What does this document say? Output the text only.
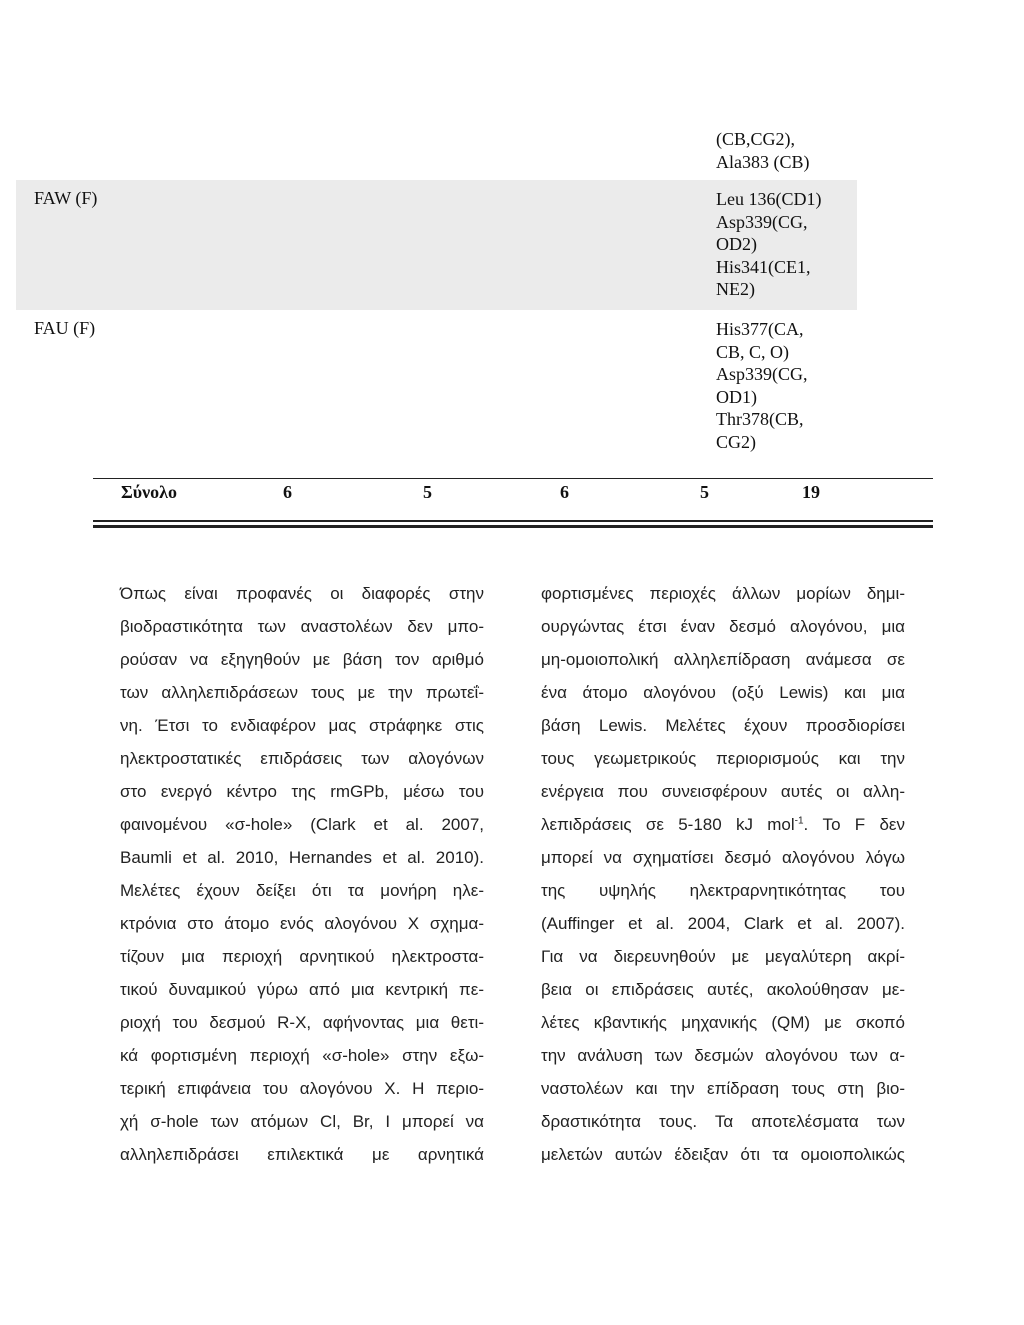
(CB,CG2),
Ala383 (CB)
FAW (F)	Leu 136(CD1)
Asp339(CG,
OD2)
His341(CE1,
NE2)
FAU (F)	His377(CA,
CB, C, O)
Asp339(CG,
OD1)
Thr378(CB,
CG2)
Σύνολο	6	5	6	5	19
Όπως είναι προφανές οι διαφορές στην
βιοδραστικότητα των αναστολέων δεν μπο-
ρούσαν να εξηγηθούν με βάση τον αριθμό
των αλληλεπιδράσεων τους με την πρωτεΐ-
νη. Έτσι το ενδιαφέρον μας στράφηκε στις
ηλεκτροστατικές επιδράσεις των αλογόνων
στο ενεργό κέντρο της rmGPb, μέσω του
φαινομένου «σ-hole» (Clark et al. 2007,
Baumli et al. 2010, Hernandes et al. 2010).
Μελέτες έχουν δείξει ότι τα μονήρη ηλε-
κτρόνια στο άτομο ενός αλογόνου Χ σχημα-
τίζουν μια περιοχή αρνητικού ηλεκτροστα-
τικού δυναμικού γύρω από μια κεντρική πε-
ριοχή του δεσμού R-X, αφήνοντας μια θετι-
κά φορτισμένη περιοχή «σ-hole» στην εξω-
τερική επιφάνεια του αλογόνου Χ. Η περιο-
χή σ-hole των ατόμων Cl, Br, I μπορεί να
αλληλεπιδράσει επιλεκτικά με αρνητικά
φορτισμένες περιοχές άλλων μορίων δημι-
ουργώντας έτσι έναν δεσμό αλογόνου, μια
μη-ομοιοπολική αλληλεπίδραση ανάμεσα σε
ένα άτομο αλογόνου (οξύ Lewis) και μια
βάση Lewis. Μελέτες έχουν προσδιορίσει
τους γεωμετρικούς περιορισμούς και την
ενέργεια που συνεισφέρουν αυτές οι αλλη-
λεπιδράσεις σε 5-180 kJ mol$^{-1}$. Το F δεν
μπορεί να σχηματίσει δεσμό αλογόνου λόγω
της υψηλής ηλεκτραρνητικότητας του
(Auffinger et al. 2004, Clark et al. 2007).
Για να διερευνηθούν με μεγαλύτερη ακρί-
βεια οι επιδράσεις αυτές, ακολούθησαν με-
λέτες κβαντικής μηχανικής (QM) με σκοπό
την ανάλυση των δεσμών αλογόνου των α-
ναστολέων και την επίδραση τους στη βιο-
δραστικότητα τους. Τα αποτελέσματα των
μελετών αυτών έδειξαν ότι τα ομοιοπολικώς
